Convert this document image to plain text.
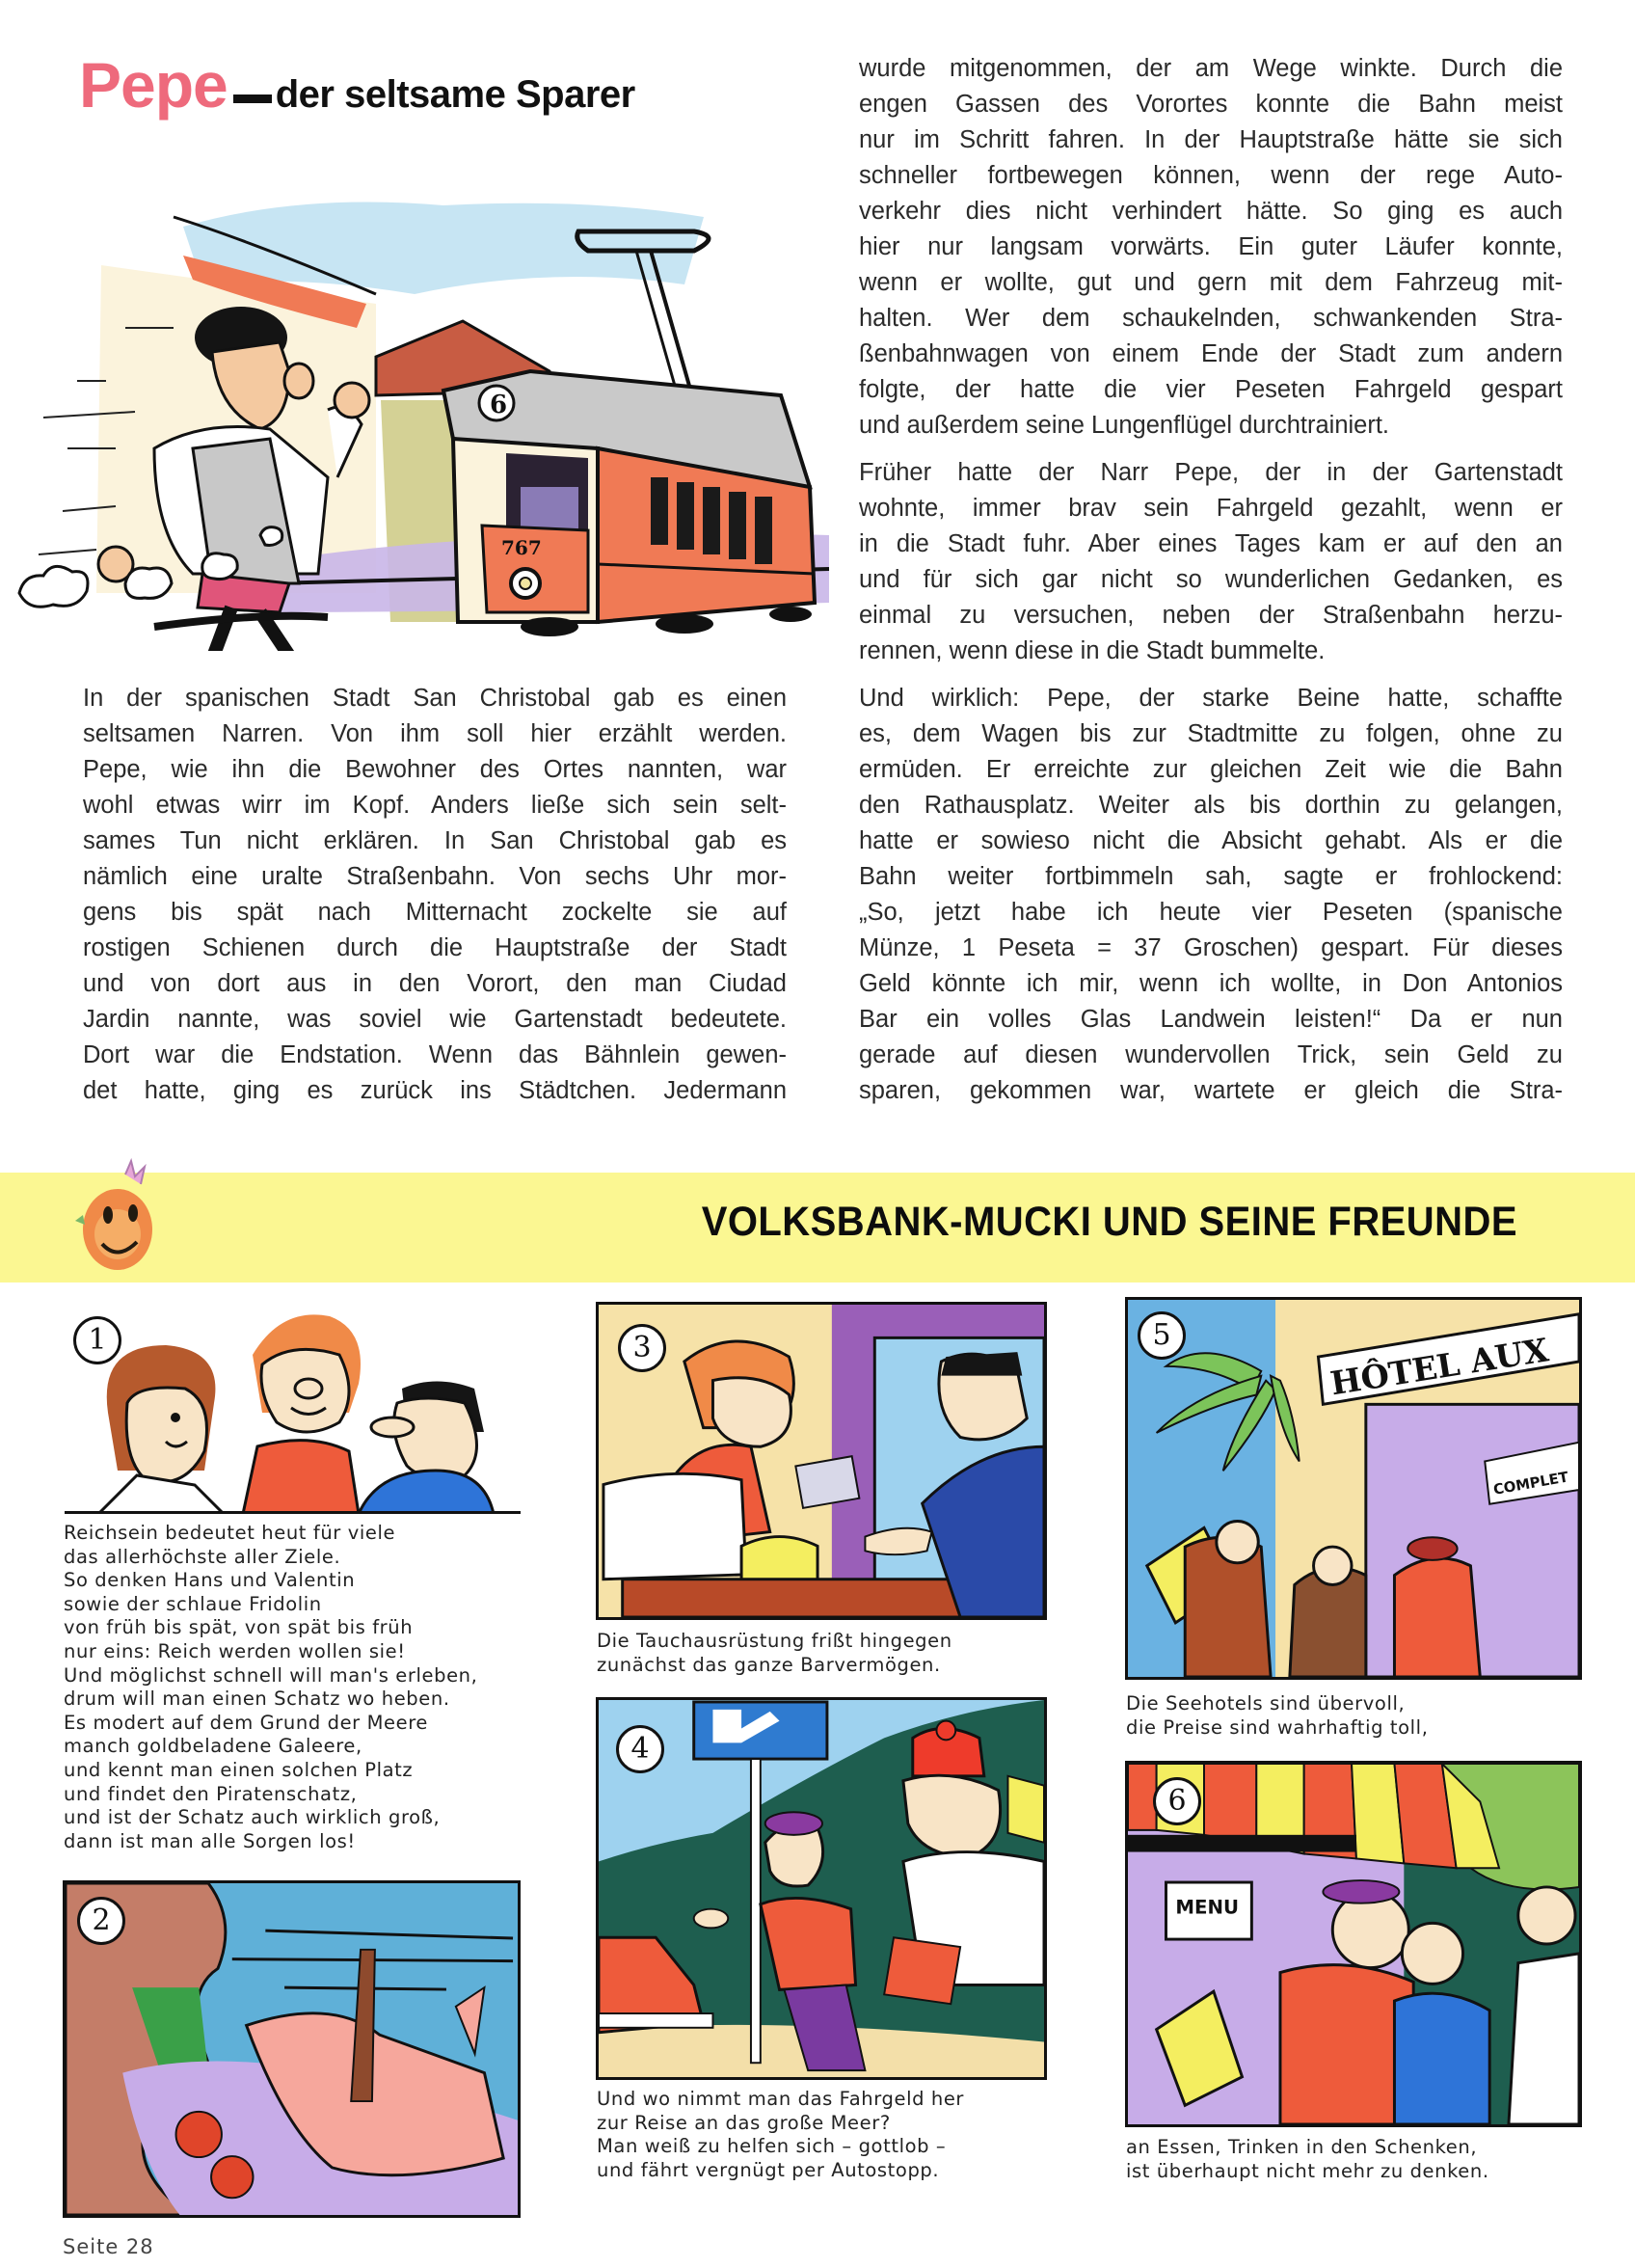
Pepe der seltsame Sparer
6
767

In der spanischen Stadt San Christobal gab es einen
seltsamen Narren. Von ihm soll hier erzählt werden.
Pepe, wie ihn die Bewohner des Ortes nannten, war
wohl etwas wirr im Kopf. Anders ließe sich sein selt-
sames Tun nicht erklären. In San Christobal gab es
nämlich eine uralte Straßenbahn. Von sechs Uhr mor-
gens bis spät nach Mitternacht zockelte sie auf
rostigen Schienen durch die Hauptstraße der Stadt
und von dort aus in den Vorort, den man Ciudad
Jardin nannte, was soviel wie Gartenstadt bedeutete.
Dort war die Endstation. Wenn das Bähnlein gewen-
det hatte, ging es zurück ins Städtchen. Jedermann

wurde mitgenommen, der am Wege winkte. Durch die
engen Gassen des Vorortes konnte die Bahn meist
nur im Schritt fahren. In der Hauptstraße hätte sie sich
schneller fortbewegen können, wenn der rege Auto-
verkehr dies nicht verhindert hätte. So ging es auch
hier nur langsam vorwärts. Ein guter Läufer konnte,
wenn er wollte, gut und gern mit dem Fahrzeug mit-
halten. Wer dem schaukelnden, schwankenden Stra-
ßenbahnwagen von einem Ende der Stadt zum andern
folgte, der hatte die vier Peseten Fahrgeld gespart
und außerdem seine Lungenflügel durchtrainiert.

Früher hatte der Narr Pepe, der in der Gartenstadt
wohnte, immer brav sein Fahrgeld gezahlt, wenn er
in die Stadt fuhr. Aber eines Tages kam er auf den an
und für sich gar nicht so wunderlichen Gedanken, es
einmal zu versuchen, neben der Straßenbahn herzu-
rennen, wenn diese in die Stadt bummelte.

Und wirklich: Pepe, der starke Beine hatte, schaffte
es, dem Wagen bis zur Stadtmitte zu folgen, ohne zu
ermüden. Er erreichte zur gleichen Zeit wie die Bahn
den Rathausplatz. Weiter als bis dorthin zu gelangen,
hatte er sowieso nicht die Absicht gehabt. Als er die
Bahn weiter fortbimmeln sah, sagte er frohlockend:
„So, jetzt habe ich heute vier Peseten (spanische
Münze, 1 Peseta = 37 Groschen) gespart. Für dieses
Geld könnte ich mir, wenn ich wollte, in Don Antonios
Bar ein volles Glas Landwein leisten!“ Da er nun
gerade auf diesen wundervollen Trick, sein Geld zu
sparen, gekommen war, wartete er gleich die Stra-

VOLKSBANK-MUCKI UND SEINE FREUNDE
1
Reichsein bedeutet heut für viele
das allerhöchste aller Ziele.
So denken Hans und Valentin
sowie der schlaue Fridolin
von früh bis spät, von spät bis früh
nur eins: Reich werden wollen sie!
Und möglichst schnell will man's erleben,
drum will man einen Schatz wo heben.
Es modert auf dem Grund der Meere
manch goldbeladene Galeere,
und kennt man einen solchen Platz
und findet den Piratenschatz,
und ist der Schatz auch wirklich groß,
dann ist man alle Sorgen los!
2
3
Die Tauchausrüstung frißt hingegen
zunächst das ganze Barvermögen.
4
Und wo nimmt man das Fahrgeld her
zur Reise an das große Meer?
Man weiß zu helfen sich – gottlob –
und fährt vergnügt per Autostopp.
HÔTEL AUX
COMPLET
5
Die Seehotels sind übervoll,
die Preise sind wahrhaftig toll,
MENU
6
an Essen, Trinken in den Schenken,
ist überhaupt nicht mehr zu denken.
Seite 28
